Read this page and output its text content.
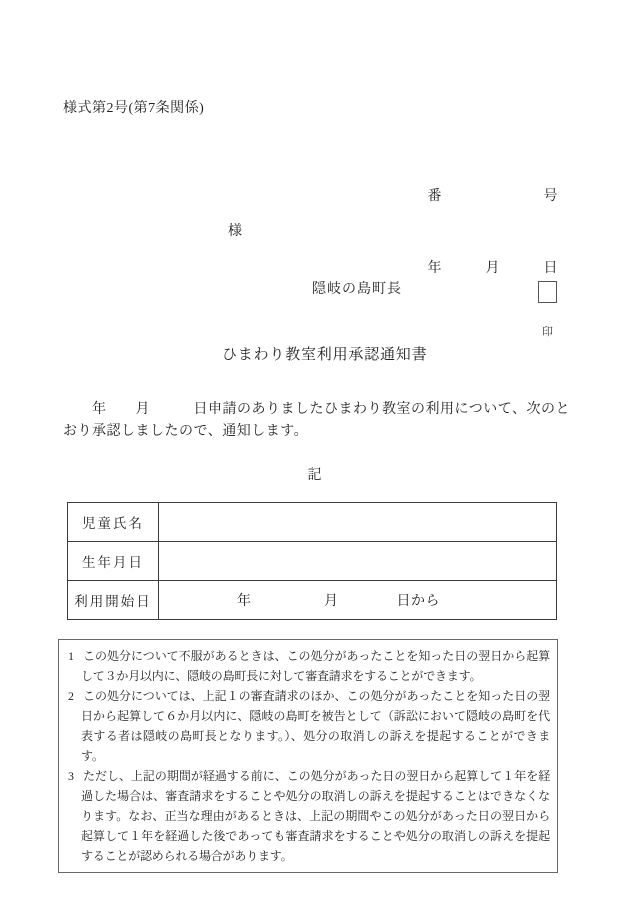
様式第2号(第7条関係)

番　　　　　　　号

年　　　月　　　日

様
隠岐の島町長

印

ひまわり教室利用承認通知書
　　年　　月　　　日申請のありましたひまわり教室の利用について、次のとおり承認しましたので、通知します。
記
児童氏名	
生年月日	
利用開始日	年　　　　　月　　　　日から

1 この処分について不服があるときは、この処分があったことを知った日の翌日から起算して３か月以内に、隠岐の島町長に対して審査請求をすることができます。

2 この処分については、上記１の審査請求のほか、この処分があったことを知った日の翌日から起算して６か月以内に、隠岐の島町を被告として（訴訟において隠岐の島町を代表する者は隠岐の島町長となります。）、処分の取消しの訴えを提起することができます。

3 ただし、上記の期間が経過する前に、この処分があった日の翌日から起算して１年を経過した場合は、審査請求をすることや処分の取消しの訴えを提起することはできなくなります。なお、正当な理由があるときは、上記の期間やこの処分があった日の翌日から起算して１年を経過した後であっても審査請求をすることや処分の取消しの訴えを提起することが認められる場合があります。
